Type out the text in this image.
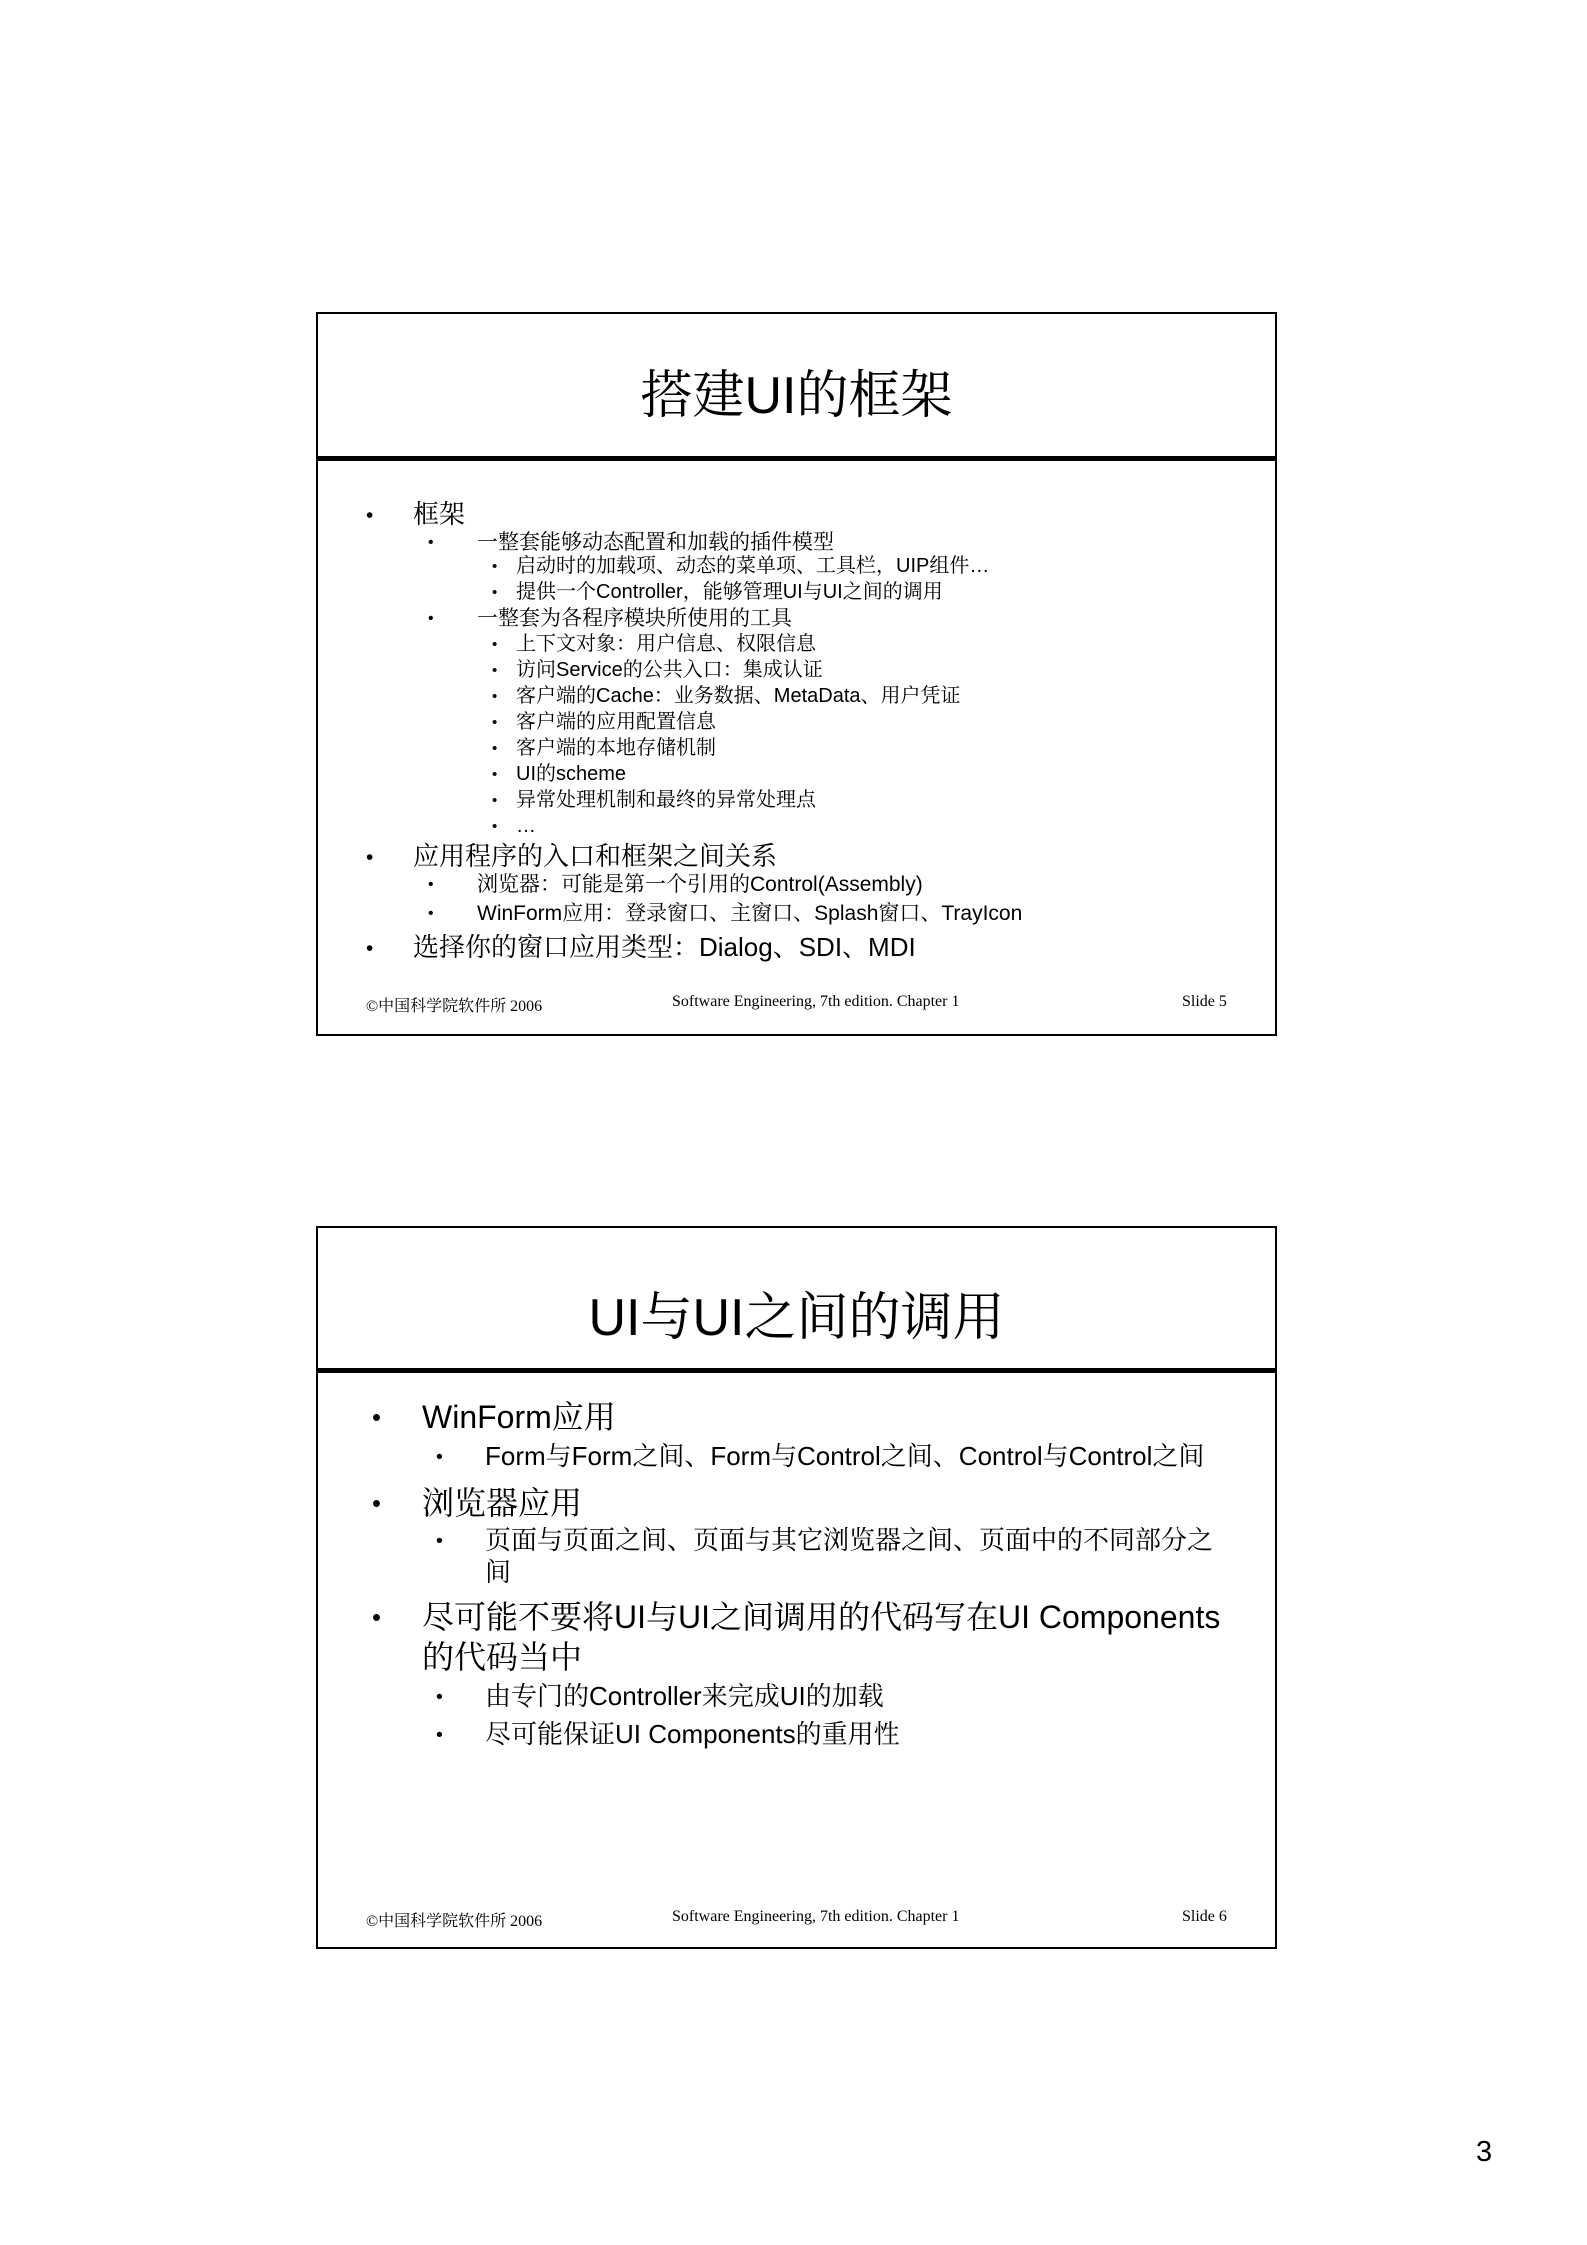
搭建UI的框架
• 框架
• 一整套能够动态配置和加载的插件模型
• 启动时的加载项、动态的菜单项、工具栏，UIP组件…
• 提供一个Controller，能够管理UI与UI之间的调用
• 一整套为各程序模块所使用的工具
• 上下文对象：用户信息、权限信息
• 访问Service的公共入口：集成认证
• 客户端的Cache：业务数据、MetaData、用户凭证
• 客户端的应用配置信息
• 客户端的本地存储机制
• UI的scheme
• 异常处理机制和最终的异常处理点
• …
• 应用程序的入口和框架之间关系
• 浏览器：可能是第一个引用的Control(Assembly)
• WinForm应用：登录窗口、主窗口、Splash窗口、TrayIcon
• 选择你的窗口应用类型：Dialog、SDI、MDI
©中国科学院软件所 2006	Software Engineering, 7th edition. Chapter 1	Slide 5
UI与UI之间的调用
• WinForm应用
• Form与Form之间、Form与Control之间、Control与Control之间
• 浏览器应用
• 页面与页面之间、页面与其它浏览器之间、页面中的不同部分之
间
• 尽可能不要将UI与UI之间调用的代码写在UI Components
的代码当中
• 由专门的Controller来完成UI的加载
• 尽可能保证UI Components的重用性
©中国科学院软件所 2006	Software Engineering, 7th edition. Chapter 1	Slide 6
3
